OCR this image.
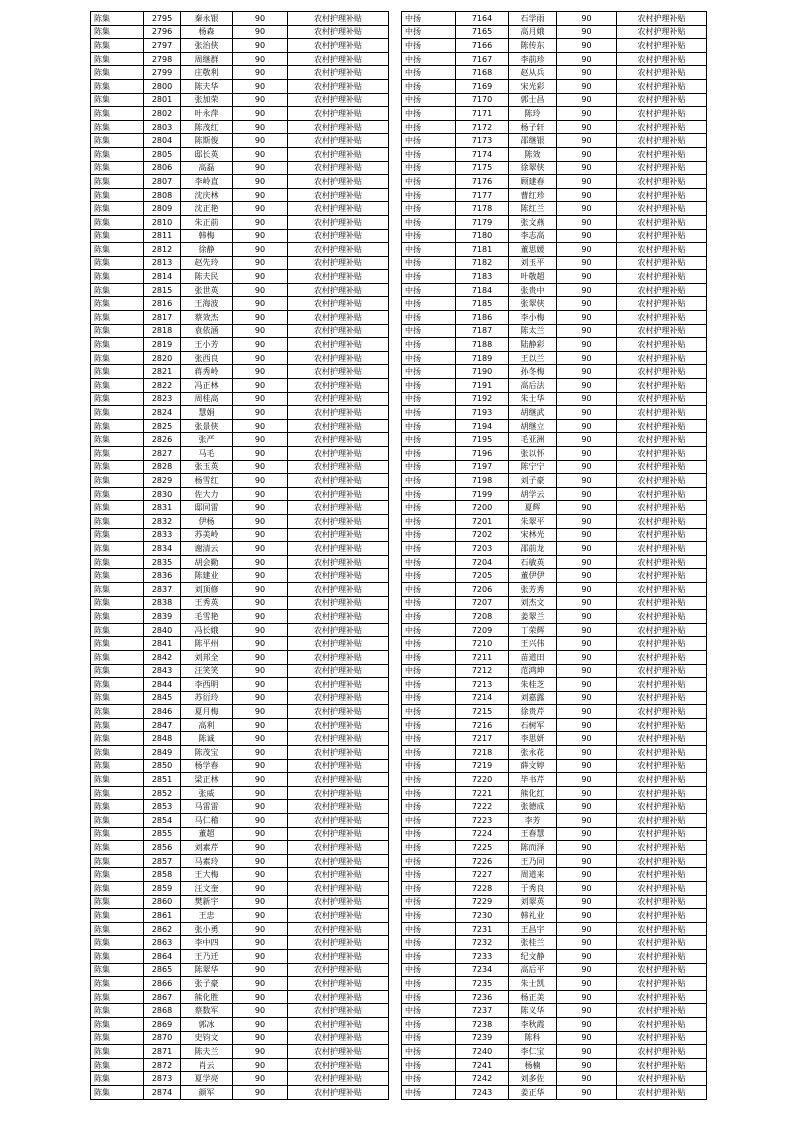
陈集	2795	秦永银	90	农村护理补贴
陈集	2796	杨森	90	农村护理补贴
陈集	2797	张治侠	90	农村护理补贴
陈集	2798	周继群	90	农村护理补贴
陈集	2799	庄敬利	90	农村护理补贴
陈集	2800	陈夫华	90	农村护理补贴
陈集	2801	张加荣	90	农村护理补贴
陈集	2802	叶永萍	90	农村护理补贴
陈集	2803	陈茂红	90	农村护理补贴
陈集	2804	陈斯俊	90	农村护理补贴
陈集	2805	邸长英	90	农村护理补贴
陈集	2806	高磊	90	农村护理补贴
陈集	2807	李岭直	90	农村护理补贴
陈集	2808	沈庆林	90	农村护理补贴
陈集	2809	沈正艳	90	农村护理补贴
陈集	2810	朱正前	90	农村护理补贴
陈集	2811	韩梅	90	农村护理补贴
陈集	2812	徐静	90	农村护理补贴
陈集	2813	赵先玲	90	农村护理补贴
陈集	2814	陈夫民	90	农村护理补贴
陈集	2815	张世英	90	农村护理补贴
陈集	2816	王海波	90	农村护理补贴
陈集	2817	蔡效杰	90	农村护理补贴
陈集	2818	袁依涵	90	农村护理补贴
陈集	2819	王小芳	90	农村护理补贴
陈集	2820	张西良	90	农村护理补贴
陈集	2821	蒋秀岭	90	农村护理补贴
陈集	2822	冯正林	90	农村护理补贴
陈集	2823	周桂高	90	农村护理补贴
陈集	2824	慧娟	90	农村护理补贴
陈集	2825	张景侠	90	农村护理补贴
陈集	2826	张严	90	农村护理补贴
陈集	2827	马毛	90	农村护理补贴
陈集	2828	张玉英	90	农村护理补贴
陈集	2829	杨雪红	90	农村护理补贴
陈集	2830	佐大力	90	农村护理补贴
陈集	2831	邸同雷	90	农村护理补贴
陈集	2832	伊杨	90	农村护理补贴
陈集	2833	苏美岭	90	农村护理补贴
陈集	2834	谢清云	90	农村护理补贴
陈集	2835	胡会勤	90	农村护理补贴
陈集	2836	陈建业	90	农村护理补贴
陈集	2837	刘顶修	90	农村护理补贴
陈集	2838	王秀英	90	农村护理补贴
陈集	2839	毛雪艳	90	农村护理补贴
陈集	2840	冯长娥	90	农村护理补贴
陈集	2841	陈平州	90	农村护理补贴
陈集	2842	刘邦全	90	农村护理补贴
陈集	2843	汪笑笑	90	农村护理补贴
陈集	2844	李西明	90	农村护理补贴
陈集	2845	苏衍玲	90	农村护理补贴
陈集	2846	夏月梅	90	农村护理补贴
陈集	2847	高利	90	农村护理补贴
陈集	2848	陈诚	90	农村护理补贴
陈集	2849	陈茂宝	90	农村护理补贴
陈集	2850	杨学春	90	农村护理补贴
陈集	2851	梁正林	90	农村护理补贴
陈集	2852	张威	90	农村护理补贴
陈集	2853	马雷雷	90	农村护理补贴
陈集	2854	马仁稽	90	农村护理补贴
陈集	2855	董超	90	农村护理补贴
陈集	2856	刘素芹	90	农村护理补贴
陈集	2857	马素玲	90	农村护理补贴
陈集	2858	王大梅	90	农村护理补贴
陈集	2859	汪文奎	90	农村护理补贴
陈集	2860	樊新宇	90	农村护理补贴
陈集	2861	王忠	90	农村护理补贴
陈集	2862	张小勇	90	农村护理补贴
陈集	2863	李中四	90	农村护理补贴
陈集	2864	王乃迁	90	农村护理补贴
陈集	2865	陈翠华	90	农村护理补贴
陈集	2866	张子豪	90	农村护理补贴
陈集	2867	熊化胜	90	农村护理补贴
陈集	2868	蔡数军	90	农村护理补贴
陈集	2869	郭冰	90	农村护理补贴
陈集	2870	史钧文	90	农村护理补贴
陈集	2871	陈夫兰	90	农村护理补贴
陈集	2872	肖云	90	农村护理补贴
陈集	2873	夏学亮	90	农村护理补贴
陈集	2874	颜军	90	农村护理补贴
中扬	7164	石学雨	90	农村护理补贴
中扬	7165	高月娥	90	农村护理补贴
中扬	7166	陈传东	90	农村护理补贴
中扬	7167	李前珍	90	农村护理补贴
中扬	7168	赵从兵	90	农村护理补贴
中扬	7169	宋光彩	90	农村护理补贴
中扬	7170	郭士昌	90	农村护理补贴
中扬	7171	陈玲	90	农村护理补贴
中扬	7172	杨子轩	90	农村护理补贴
中扬	7173	邵继银	90	农村护理补贴
中扬	7174	陈效	90	农村护理补贴
中扬	7175	徐翠侠	90	农村护理补贴
中扬	7176	顾建春	90	农村护理补贴
中扬	7177	曹红珍	90	农村护理补贴
中扬	7178	陈红兰	90	农村护理补贴
中扬	7179	张文燕	90	农村护理补贴
中扬	7180	李志高	90	农村护理补贴
中扬	7181	董思媛	90	农村护理补贴
中扬	7182	刘玉平	90	农村护理补贴
中扬	7183	叶敬超	90	农村护理补贴
中扬	7184	张贵中	90	农村护理补贴
中扬	7185	张翠侠	90	农村护理补贴
中扬	7186	李小梅	90	农村护理补贴
中扬	7187	陈太兰	90	农村护理补贴
中扬	7188	陆静彩	90	农村护理补贴
中扬	7189	王以兰	90	农村护理补贴
中扬	7190	孙冬梅	90	农村护理补贴
中扬	7191	高后法	90	农村护理补贴
中扬	7192	朱士华	90	农村护理补贴
中扬	7193	胡继武	90	农村护理补贴
中扬	7194	胡继立	90	农村护理补贴
中扬	7195	毛亚洲	90	农村护理补贴
中扬	7196	张以怀	90	农村护理补贴
中扬	7197	陈宁宁	90	农村护理补贴
中扬	7198	刘子豪	90	农村护理补贴
中扬	7199	胡学云	90	农村护理补贴
中扬	7200	夏辉	90	农村护理补贴
中扬	7201	朱翠平	90	农村护理补贴
中扬	7202	宋林光	90	农村护理补贴
中扬	7203	邵前龙	90	农村护理补贴
中扬	7204	石敏英	90	农村护理补贴
中扬	7205	董伊伊	90	农村护理补贴
中扬	7206	张芳秀	90	农村护理补贴
中扬	7207	刘杰文	90	农村护理补贴
中扬	7208	姜翠兰	90	农村护理补贴
中扬	7209	丁荣辉	90	农村护理补贴
中扬	7210	王兴伟	90	农村护理补贴
中扬	7211	苗道田	90	农村护理补贴
中扬	7212	范鸿坤	90	农村护理补贴
中扬	7213	朱桂芝	90	农村护理补贴
中扬	7214	刘嘉露	90	农村护理补贴
中扬	7215	徐贵芹	90	农村护理补贴
中扬	7216	石树军	90	农村护理补贴
中扬	7217	李思妍	90	农村护理补贴
中扬	7218	张永花	90	农村护理补贴
中扬	7219	薛文婷	90	农村护理补贴
中扬	7220	毕书芹	90	农村护理补贴
中扬	7221	熊化红	90	农村护理补贴
中扬	7222	张德成	90	农村护理补贴
中扬	7223	李芳	90	农村护理补贴
中扬	7224	王春慧	90	农村护理补贴
中扬	7225	陈而泽	90	农村护理补贴
中扬	7226	王乃同	90	农村护理补贴
中扬	7227	周道来	90	农村护理补贴
中扬	7228	于秀良	90	农村护理补贴
中扬	7229	刘翠英	90	农村护理补贴
中扬	7230	韩礼业	90	农村护理补贴
中扬	7231	王昌宇	90	农村护理补贴
中扬	7232	张桂兰	90	农村护理补贴
中扬	7233	纪文静	90	农村护理补贴
中扬	7234	高后平	90	农村护理补贴
中扬	7235	朱士凯	90	农村护理补贴
中扬	7236	杨正美	90	农村护理补贴
中扬	7237	陈义华	90	农村护理补贴
中扬	7238	李秋霞	90	农村护理补贴
中扬	7239	陈科	90	农村护理补贴
中扬	7240	李仁宝	90	农村护理补贴
中扬	7241	杨楠	90	农村护理补贴
中扬	7242	刘多佐	90	农村护理补贴
中扬	7243	姜正华	90	农村护理补贴
